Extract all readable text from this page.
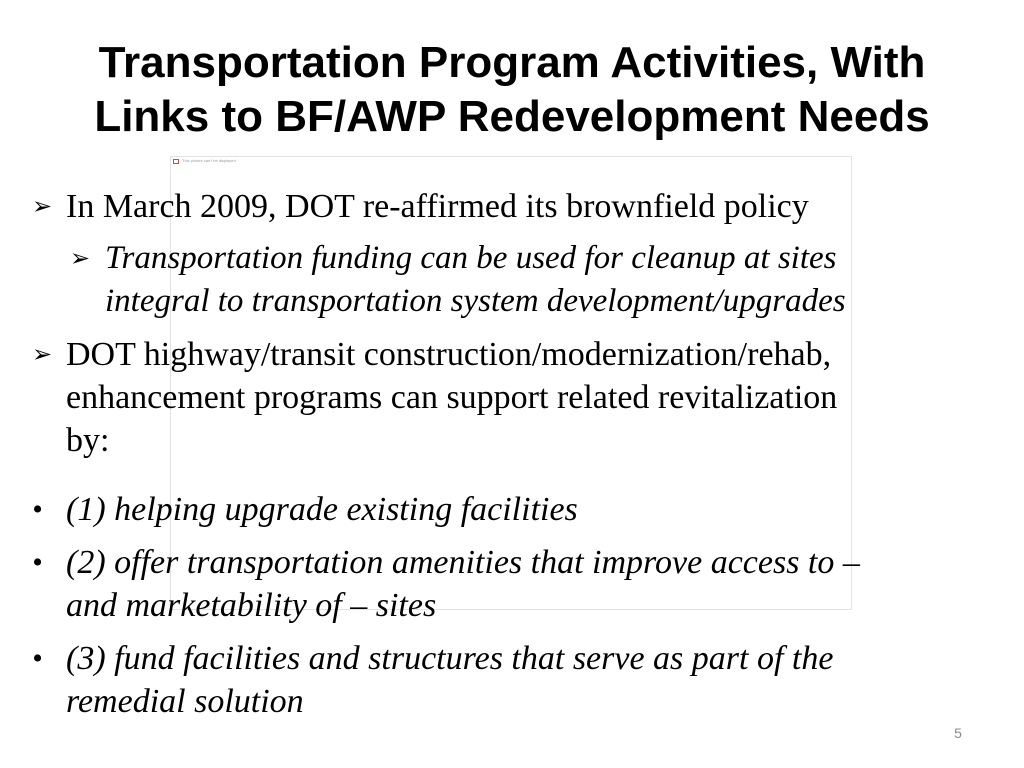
Transportation Program Activities, With
Links to BF/AWP Redevelopment Needs
This picture can't be displayed
➢ In March 2009, DOT re-affirmed its brownfield policy
➢ Transportation funding can be used for cleanup at sites
integral to transportation system development/upgrades
➢ DOT highway/transit construction/modernization/rehab,
enhancement programs can support related revitalization
by:
• (1) helping upgrade existing facilities
• (2) offer transportation amenities that improve access to –
and marketability of – sites
• (3) fund facilities and structures that serve as part of the
remedial solution
5
